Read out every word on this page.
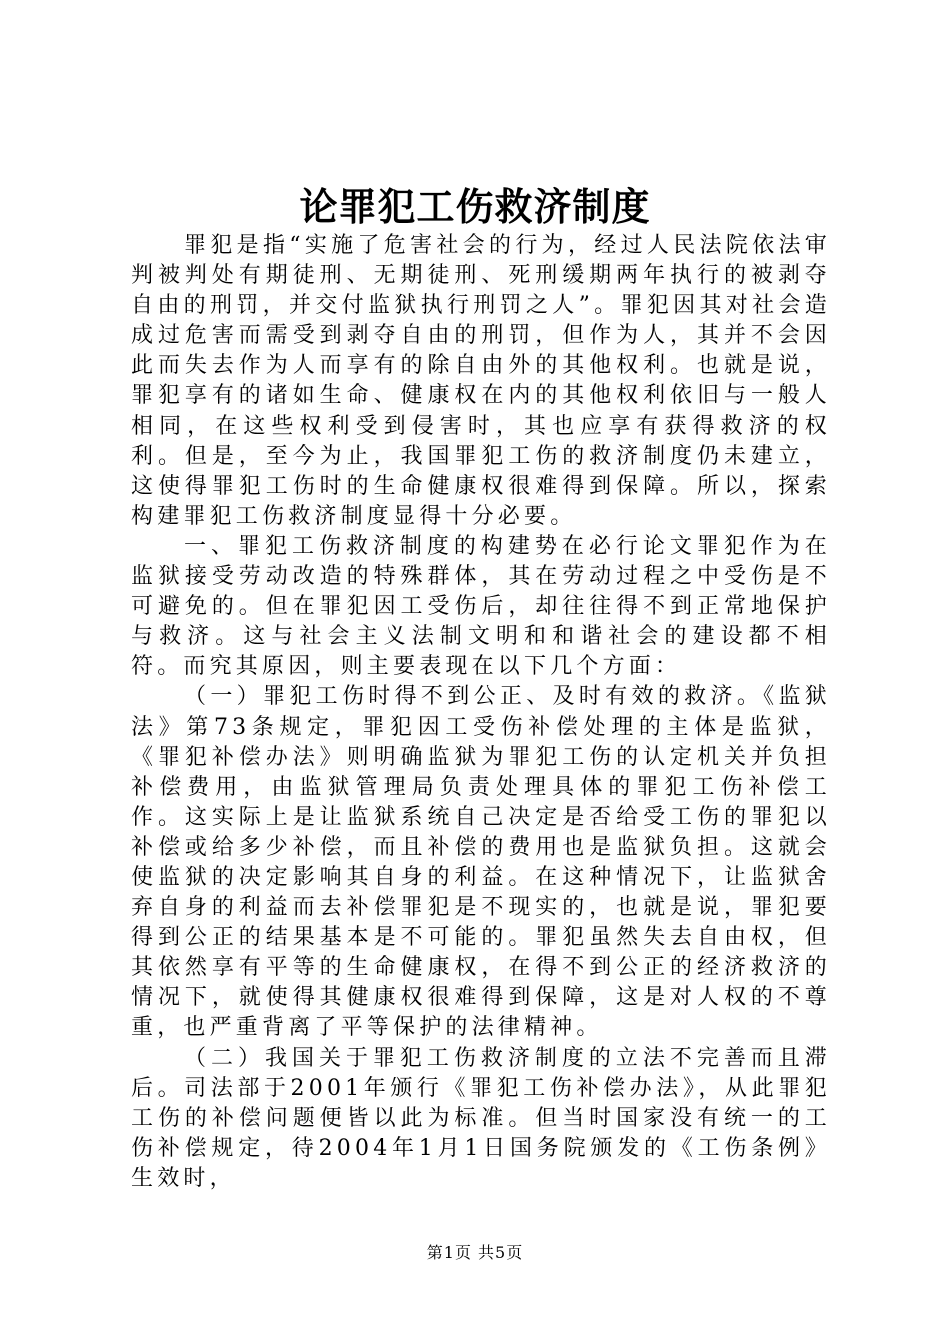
论罪犯工伤救济制度

罪犯是指“实施了危害社会的行为，经过人民法院依法审判被判处有期徒刑、无期徒刑、死刑缓期两年执行的被剥夺自由的刑罚，并交付监狱执行刑罚之人”。罪犯因其对社会造成过危害而需受到剥夺自由的刑罚，但作为人，其并不会因此而失去作为人而享有的除自由外的其他权利。也就是说，罪犯享有的诸如生命、健康权在内的其他权利依旧与一般人相同，在这些权利受到侵害时，其也应享有获得救济的权利。但是，至今为止，我国罪犯工伤的救济制度仍未建立，这使得罪犯工伤时的生命健康权很难得到保障。所以，探索构建罪犯工伤救济制度显得十分必要。

一、罪犯工伤救济制度的构建势在必行论文罪犯作为在监狱接受劳动改造的特殊群体，其在劳动过程之中受伤是不可避免的。但在罪犯因工受伤后，却往往得不到正常地保护与救济。这与社会主义法制文明和和谐社会的建设都不相符。而究其原因，则主要表现在以下几个方面：

（一）罪犯工伤时得不到公正、及时有效的救济。《监狱法》第73条规定，罪犯因工受伤补偿处理的主体是监狱，《罪犯补偿办法》则明确监狱为罪犯工伤的认定机关并负担补偿费用，由监狱管理局负责处理具体的罪犯工伤补偿工作。这实际上是让监狱系统自己决定是否给受工伤的罪犯以补偿或给多少补偿，而且补偿的费用也是监狱负担。这就会使监狱的决定影响其自身的利益。在这种情况下，让监狱舍弃自身的利益而去补偿罪犯是不现实的，也就是说，罪犯要得到公正的结果基本是不可能的。罪犯虽然失去自由权，但其依然享有平等的生命健康权，在得不到公正的经济救济的情况下，就使得其健康权很难得到保障，这是对人权的不尊重，也严重背离了平等保护的法律精神。

（二）我国关于罪犯工伤救济制度的立法不完善而且滞后。司法部于2001年颁行《罪犯工伤补偿办法》，从此罪犯工伤的补偿问题便皆以此为标准。但当时国家没有统一的工伤补偿规定，待2004年1月1日国务院颁发的《工伤条例》生效时，

第1页 共5页
